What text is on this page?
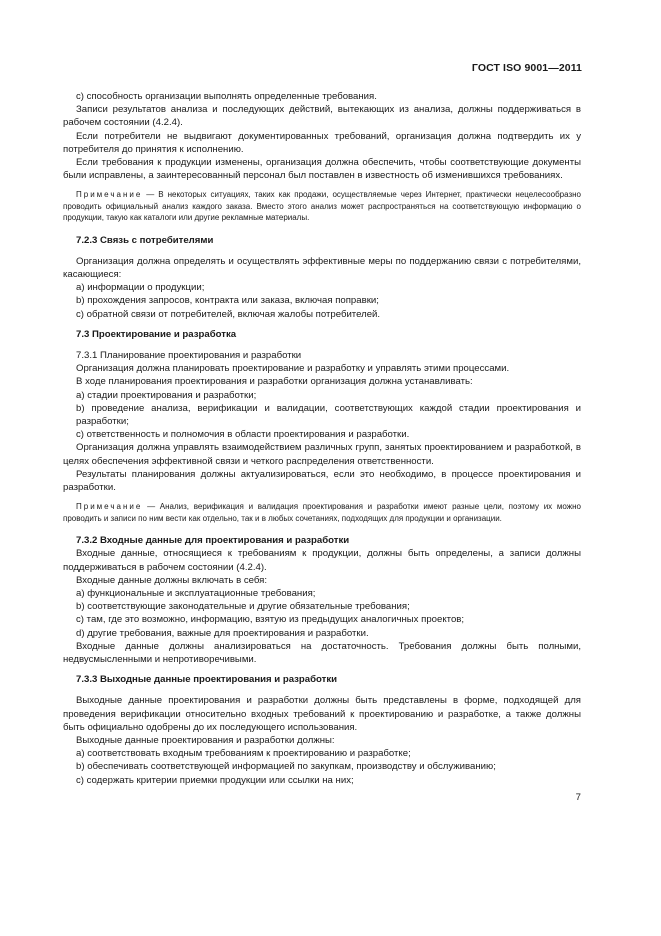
ГОСТ ISO 9001—2011

c) способность организации выполнять определенные требования.

Записи результатов анализа и последующих действий, вытекающих из анализа, должны поддерживаться в рабочем состоянии (4.2.4).

Если потребители не выдвигают документированных требований, организация должна подтвердить их у потребителя до принятия к исполнению.

Если требования к продукции изменены, организация должна обеспечить, чтобы соответствующие документы были исправлены, а заинтересованный персонал был поставлен в известность об изменившихся требованиях.

Примечание — В некоторых ситуациях, таких как продажи, осуществляемые через Интернет, практически нецелесообразно проводить официальный анализ каждого заказа. Вместо этого анализ может распространяться на соответствующую информацию о продукции, такую как каталоги или другие рекламные материалы.

7.2.3 Связь с потребителями

Организация должна определять и осуществлять эффективные меры по поддержанию связи с потребителями, касающиеся:

a) информации о продукции;

b) прохождения запросов, контракта или заказа, включая поправки;

c) обратной связи от потребителей, включая жалобы потребителей.

7.3 Проектирование и разработка

7.3.1 Планирование проектирования и разработки

Организация должна планировать проектирование и разработку и управлять этими процессами.

В ходе планирования проектирования и разработки организация должна устанавливать:

a) стадии проектирования и разработки;

b) проведение анализа, верификации и валидации, соответствующих каждой стадии проектирования и разработки;

c) ответственность и полномочия в области проектирования и разработки.

Организация должна управлять взаимодействием различных групп, занятых проектированием и разработкой, в целях обеспечения эффективной связи и четкого распределения ответственности.

Результаты планирования должны актуализироваться, если это необходимо, в процессе проектирования и разработки.

Примечание — Анализ, верификация и валидация проектирования и разработки имеют разные цели, поэтому их можно проводить и записи по ним вести как отдельно, так и в любых сочетаниях, подходящих для продукции и организации.

7.3.2 Входные данные для проектирования и разработки

Входные данные, относящиеся к требованиям к продукции, должны быть определены, а записи должны поддерживаться в рабочем состоянии (4.2.4).

Входные данные должны включать в себя:

a) функциональные и эксплуатационные требования;

b) соответствующие законодательные и другие обязательные требования;

c) там, где это возможно, информацию, взятую из предыдущих аналогичных проектов;

d) другие требования, важные для проектирования и разработки.

Входные данные должны анализироваться на достаточность. Требования должны быть полными, недвусмысленными и непротиворечивыми.

7.3.3 Выходные данные проектирования и разработки

Выходные данные проектирования и разработки должны быть представлены в форме, подходящей для проведения верификации относительно входных требований к проектированию и разработке, а также должны быть официально одобрены до их последующего использования.

Выходные данные проектирования и разработки должны:

a) соответствовать входным требованиям к проектированию и разработке;

b) обеспечивать соответствующей информацией по закупкам, производству и обслуживанию;

c) содержать критерии приемки продукции или ссылки на них;

7
